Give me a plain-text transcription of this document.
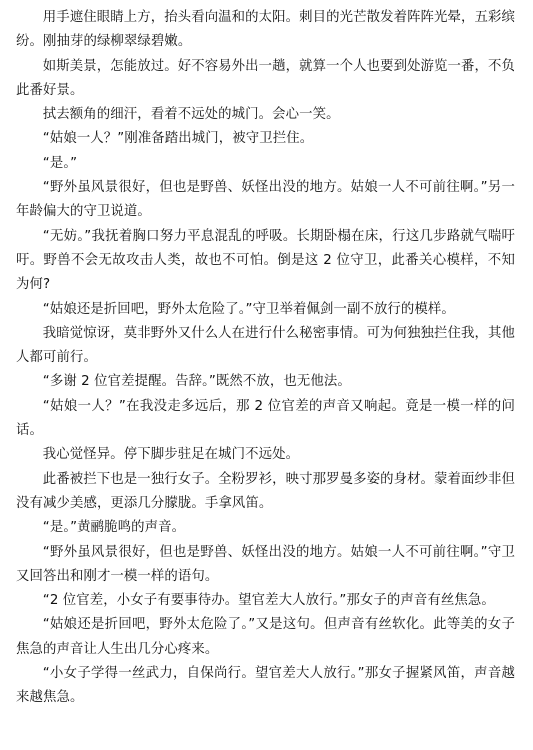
用手遮住眼睛上方，抬头看向温和的太阳。刺目的光芒散发着阵阵光晕，五彩缤纷。刚抽芽的绿柳翠绿碧嫩。

如斯美景，怎能放过。好不容易外出一趟，就算一个人也要到处游览一番，不负此番好景。

拭去额角的细汗，看着不远处的城门。会心一笑。

“姑娘一人？”刚准备踏出城门，被守卫拦住。

“是。”

“野外虽风景很好，但也是野兽、妖怪出没的地方。姑娘一人不可前往啊。”另一年龄偏大的守卫说道。

“无妨。”我抚着胸口努力平息混乱的呼吸。长期卧榻在床，行这几步路就气喘吁吁。野兽不会无故攻击人类，故也不可怕。倒是这 2 位守卫，此番关心模样，不知为何?

“姑娘还是折回吧，野外太危险了。”守卫举着佩剑一副不放行的模样。

我暗觉惊讶，莫非野外又什么人在进行什么秘密事情。可为何独独拦住我，其他人都可前行。

“多谢 2 位官差提醒。告辞。”既然不放，也无他法。

“姑娘一人？”在我没走多远后，那 2 位官差的声音又响起。竟是一模一样的问话。

我心觉怪异。停下脚步驻足在城门不远处。

此番被拦下也是一独行女子。全粉罗衫，映寸那罗曼多姿的身材。蒙着面纱非但没有减少美感，更添几分朦胧。手拿风笛。

“是。”黄鹂脆鸣的声音。

“野外虽风景很好，但也是野兽、妖怪出没的地方。姑娘一人不可前往啊。”守卫又回答出和刚才一模一样的语句。

“2 位官差，小女子有要事待办。望官差大人放行。”那女子的声音有丝焦急。

“姑娘还是折回吧，野外太危险了。”又是这句。但声音有丝软化。此等美的女子焦急的声音让人生出几分心疼来。

“小女子学得一丝武力，自保尚行。望官差大人放行。”那女子握紧风笛，声音越来越焦急。
